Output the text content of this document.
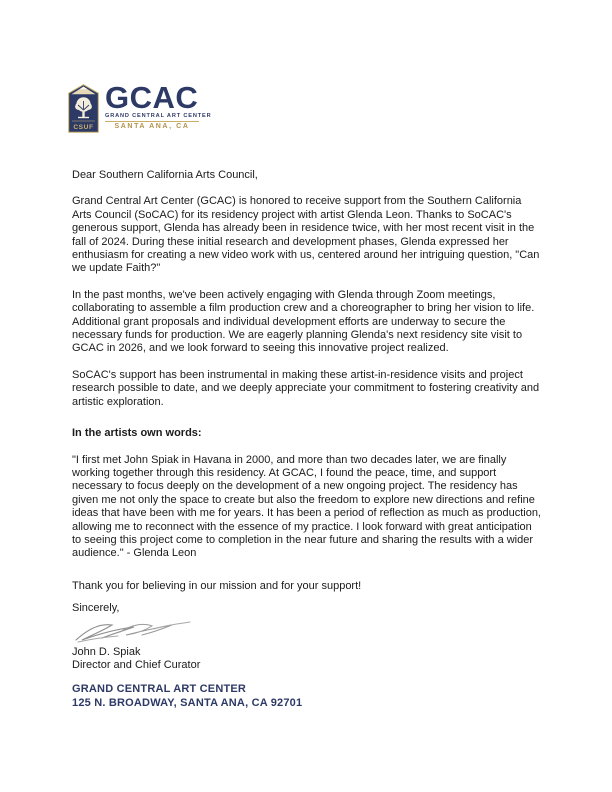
CSUF
GCAC
GRAND CENTRAL ART CENTER
SANTA ANA, CA

Dear Southern California Arts Council,

Grand Central Art Center (GCAC) is honored to receive support from the Southern California Arts Council (SoCAC) for its residency project with artist Glenda Leon. Thanks to SoCAC's generous support, Glenda has already been in residence twice, with her most recent visit in the fall of 2024. During these initial research and development phases, Glenda expressed her enthusiasm for creating a new video work with us, centered around her intriguing question, "Can we update Faith?"

In the past months, we've been actively engaging with Glenda through Zoom meetings, collaborating to assemble a film production crew and a choreographer to bring her vision to life. Additional grant proposals and individual development efforts are underway to secure the necessary funds for production. We are eagerly planning Glenda's next residency site visit to GCAC in 2026, and we look forward to seeing this innovative project realized.

SoCAC's support has been instrumental in making these artist-in-residence visits and project research possible to date, and we deeply appreciate your commitment to fostering creativity and artistic exploration.

In the artists own words:

"I first met John Spiak in Havana in 2000, and more than two decades later, we are finally working together through this residency. At GCAC, I found the peace, time, and support necessary to focus deeply on the development of a new ongoing project. The residency has given me not only the space to create but also the freedom to explore new directions and refine ideas that have been with me for years. It has been a period of reflection as much as production, allowing me to reconnect with the essence of my practice. I look forward with great anticipation to seeing this project come to completion in the near future and sharing the results with a wider audience." - Glenda Leon

Thank you for believing in our mission and for your support!

Sincerely,

John D. Spiak

Director and Chief Curator

GRAND CENTRAL ART CENTER
125 N. BROADWAY, SANTA ANA, CA 92701
